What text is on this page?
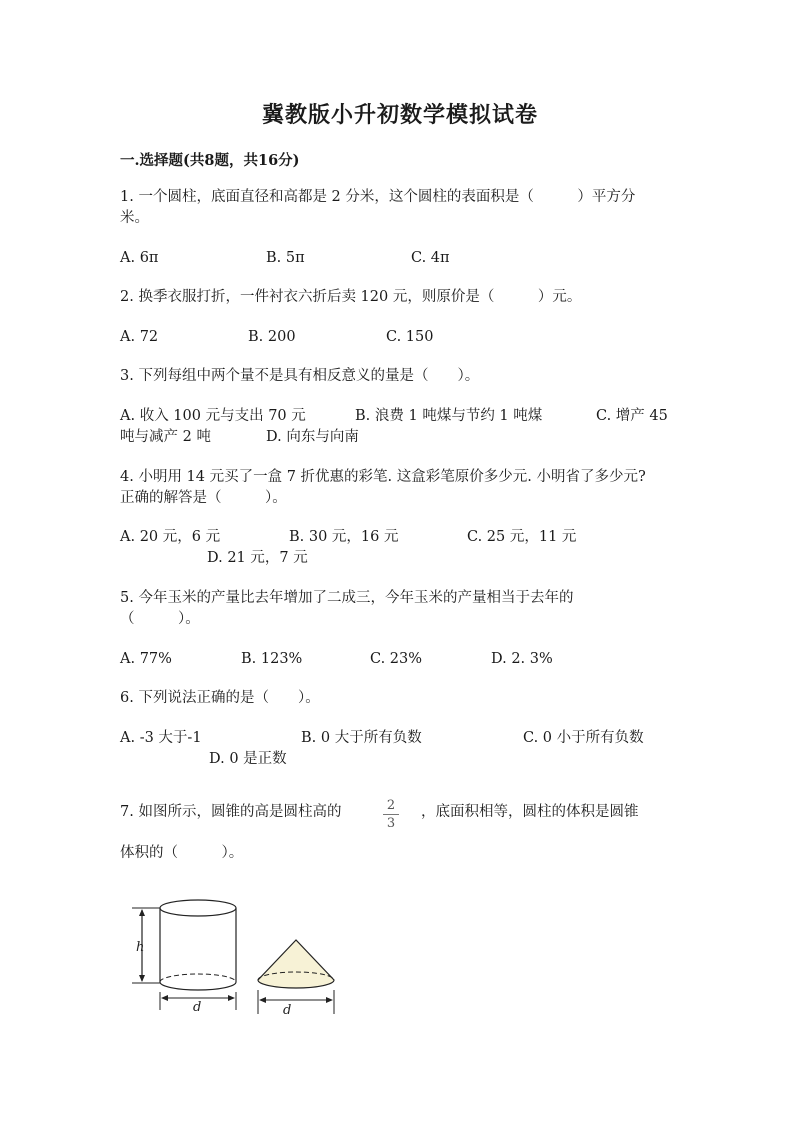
冀教版小升初数学模拟试卷
一.选择题(共8题，共16分)
1. 一个圆柱，底面直径和高都是 2 分米，这个圆柱的表面积是（　　　）平方分
米。
A. 6π	B. 5π	C. 4π
2. 换季衣服打折，一件衬衣六折后卖 120 元，则原价是（　　　）元。
A. 72	B. 200	C. 150
3. 下列每组中两个量不是具有相反意义的量是（　　）。
A. 收入 100 元与支出 70 元	B. 浪费 1 吨煤与节约 1 吨煤	C. 增产 45
吨与减产 2 吨	D. 向东与向南
4. 小明用 14 元买了一盒 7 折优惠的彩笔. 这盒彩笔原价多少元. 小明省了多少元?
正确的解答是（　　　）。
A. 20 元，6 元	B. 30 元，16 元	C. 25 元，11 元
D. 21 元，7 元
5. 今年玉米的产量比去年增加了二成三，今年玉米的产量相当于去年的
（　　　）。
A. 77%	B. 123%	C. 23%	D. 2. 3%
6. 下列说法正确的是（　　）。
A. -3 大于-1	B. 0 大于所有负数	C. 0 小于所有负数
D. 0 是正数
7. 如图所示，圆锥的高是圆柱高的	2
3
，底面积相等，圆柱的体积是圆锥
体积的（　　　）。
h
d	d
